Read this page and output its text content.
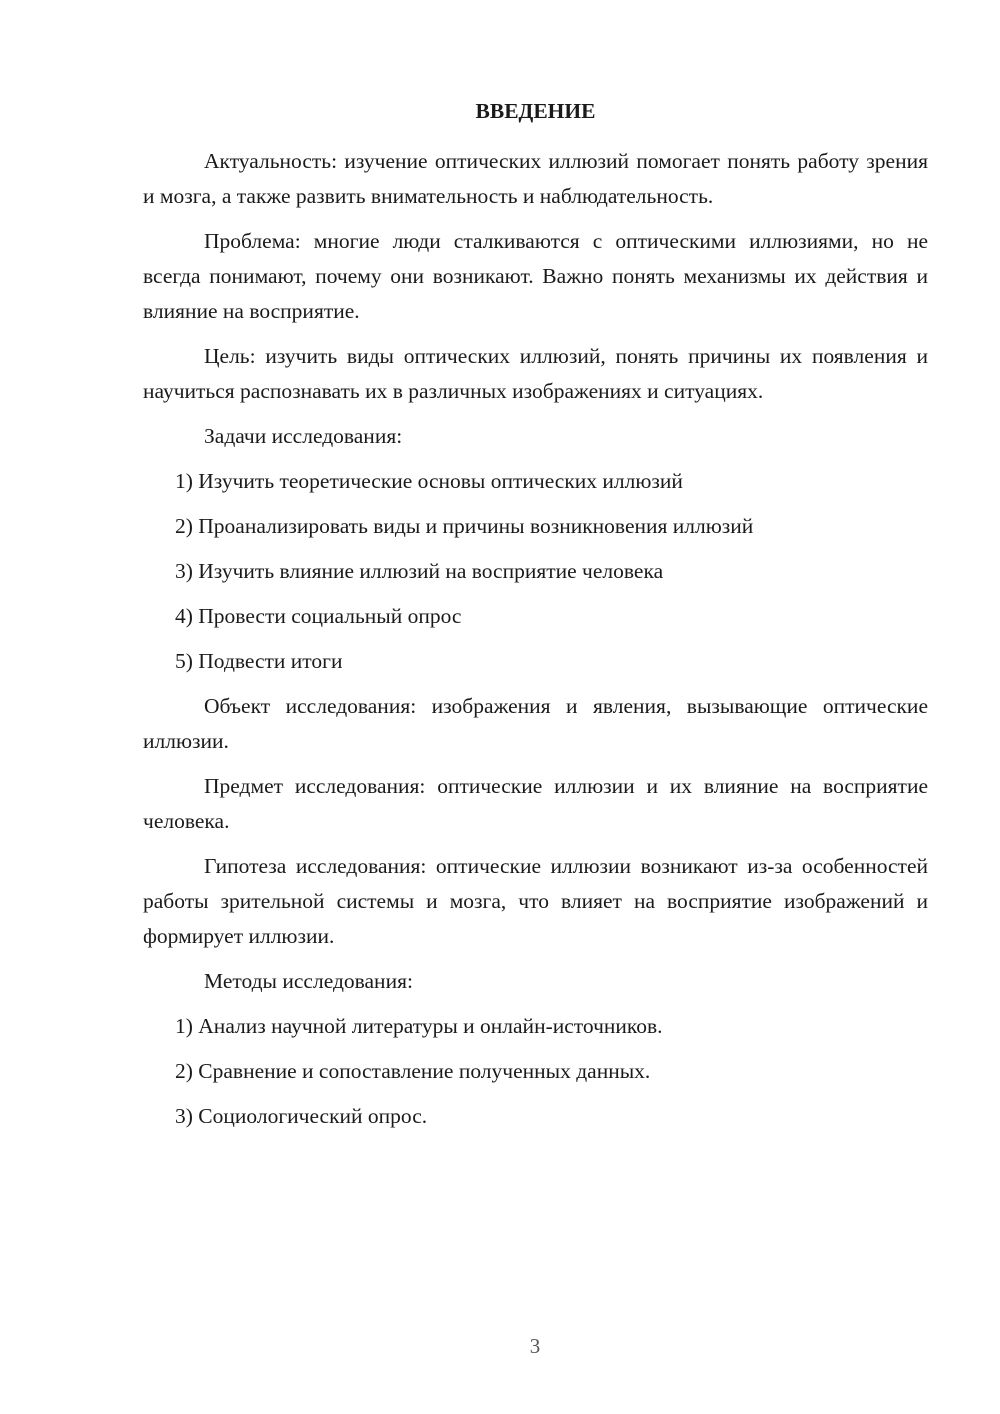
ВВЕДЕНИЕ

Актуальность: изучение оптических иллюзий помогает понять работу зрения и мозга, а также развить внимательность и наблюдательность.

Проблема: многие люди сталкиваются с оптическими иллюзиями, но не всегда понимают, почему они возникают. Важно понять механизмы их действия и влияние на восприятие.

Цель: изучить виды оптических иллюзий, понять причины их появления и научиться распознавать их в различных изображениях и ситуациях.

Задачи исследования:

1) Изучить теоретические основы оптических иллюзий

2) Проанализировать виды и причины возникновения иллюзий

3) Изучить влияние иллюзий на восприятие человека

4) Провести социальный опрос

5) Подвести итоги

Объект исследования: изображения и явления, вызывающие оптические иллюзии.

Предмет исследования: оптические иллюзии и их влияние на восприятие человека.

Гипотеза исследования: оптические иллюзии возникают из-за особенностей работы зрительной системы и мозга, что влияет на восприятие изображений и формирует иллюзии.

Методы исследования:

1) Анализ научной литературы и онлайн-источников.

2) Сравнение и сопоставление полученных данных.

3) Социологический опрос.

3
